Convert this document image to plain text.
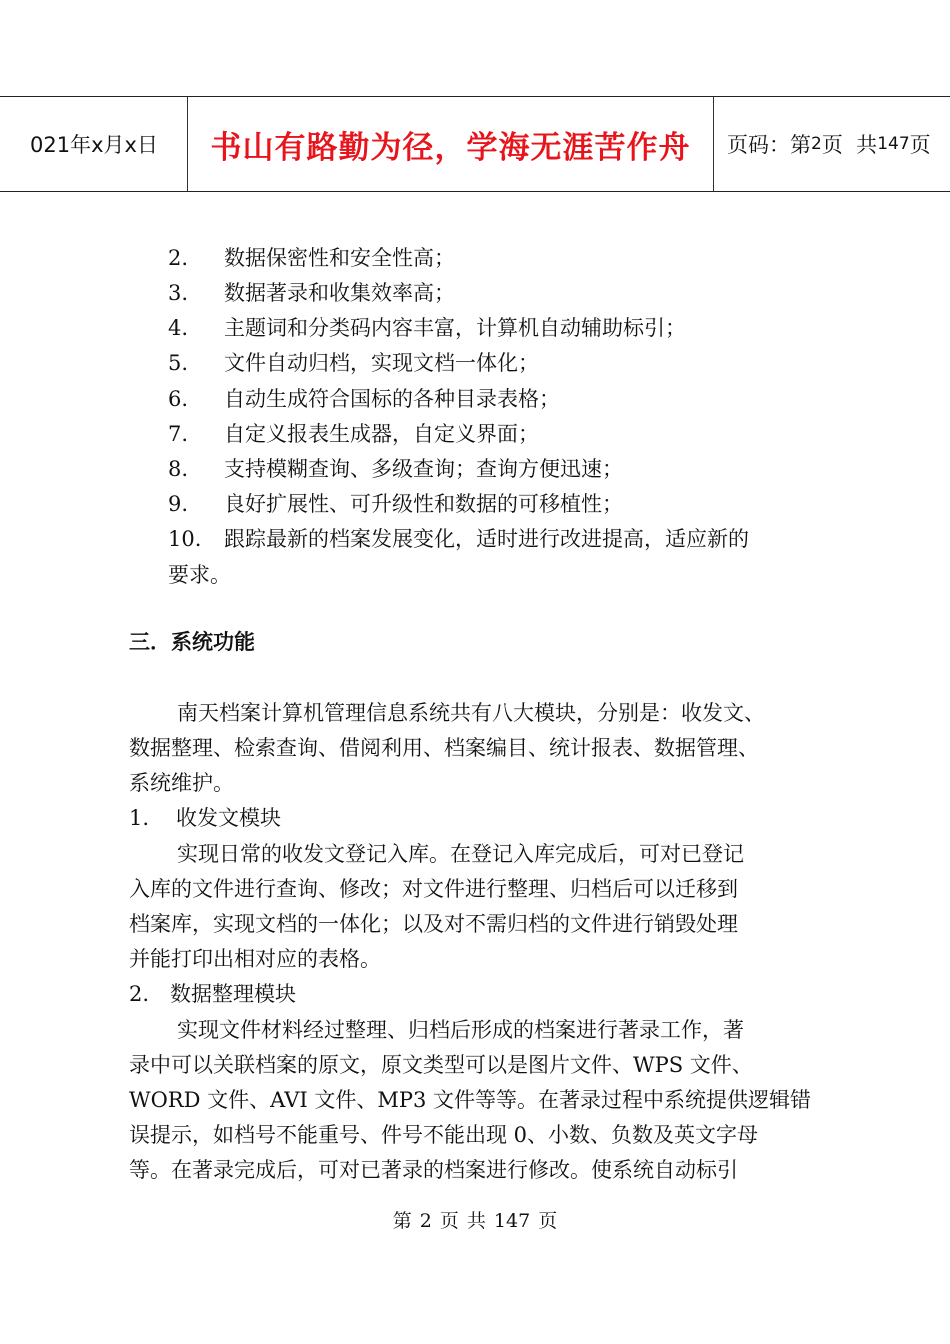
021年x月x日	书山有路勤为径，学海无涯苦作舟	页码：第 2 页  共 147 页
2. 数据保密性和安全性高；
3. 数据著录和收集效率高；
4. 主题词和分类码内容丰富，计算机自动辅助标引；
5. 文件自动归档，实现文档一体化；
6. 自动生成符合国标的各种目录表格；
7. 自定义报表生成器，自定义界面；
8. 支持模糊查询、多级查询；查询方便迅速；
9. 良好扩展性、可升级性和数据的可移植性；
10. 跟踪最新的档案发展变化，适时进行改进提高，适应新的
要求。
三．系统功能
南天档案计算机管理信息系统共有八大模块，分别是：收发文、
数据整理、检索查询、借阅利用、档案编目、统计报表、数据管理、
系统维护。
1. 收发文模块
实现日常的收发文登记入库。在登记入库完成后，可对已登记
入库的文件进行查询、修改；对文件进行整理、归档后可以迁移到
档案库，实现文档的一体化；以及对不需归档的文件进行销毁处理
并能打印出相对应的表格。
2. 数据整理模块
实现文件材料经过整理、归档后形成的档案进行著录工作，著
录中可以关联档案的原文，原文类型可以是图片文件、WPS 文件、
WORD 文件、AVI 文件、MP3 文件等等。在著录过程中系统提供逻辑错
误提示，如档号不能重号、件号不能出现 0、小数、负数及英文字母
等。在著录完成后，可对已著录的档案进行修改。使系统自动标引
第 2 页 共 147 页
